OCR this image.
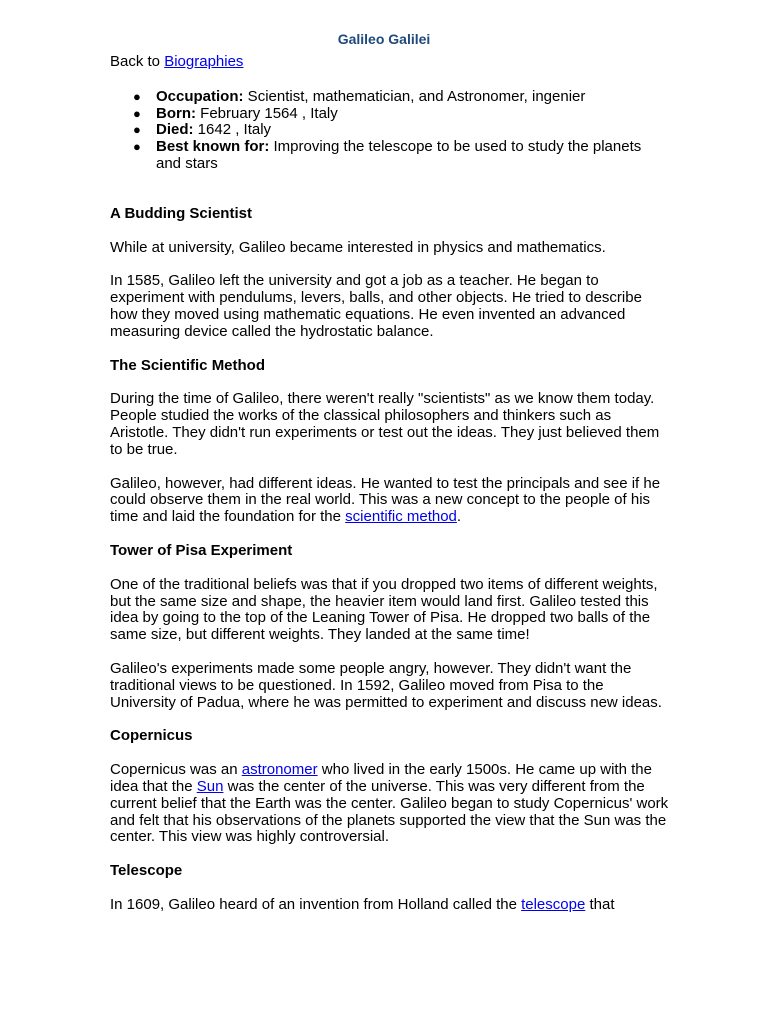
Galileo Galilei

Back to Biographies

● Occupation: Scientist, mathematician, and Astronomer, ingenier
● Born: February 1564 , Italy
● Died: 1642 , Italy
● Best known for: Improving the telescope to be used to study the planets and stars
A Budding Scientist

While at university, Galileo became interested in physics and mathematics.

In 1585, Galileo left the university and got a job as a teacher. He began to experiment with pendulums, levers, balls, and other objects. He tried to describe how they moved using mathematic equations. He even invented an advanced measuring device called the hydrostatic balance.

The Scientific Method

During the time of Galileo, there weren't really "scientists" as we know them today. People studied the works of the classical philosophers and thinkers such as Aristotle. They didn't run experiments or test out the ideas. They just believed them to be true.

Galileo, however, had different ideas. He wanted to test the principals and see if he could observe them in the real world. This was a new concept to the people of his time and laid the foundation for the scientific method.

Tower of Pisa Experiment

One of the traditional beliefs was that if you dropped two items of different weights, but the same size and shape, the heavier item would land first. Galileo tested this idea by going to the top of the Leaning Tower of Pisa. He dropped two balls of the same size, but different weights. They landed at the same time!

Galileo's experiments made some people angry, however. They didn't want the traditional views to be questioned. In 1592, Galileo moved from Pisa to the University of Padua, where he was permitted to experiment and discuss new ideas.

Copernicus

Copernicus was an astronomer who lived in the early 1500s. He came up with the idea that the Sun was the center of the universe. This was very different from the current belief that the Earth was the center. Galileo began to study Copernicus' work and felt that his observations of the planets supported the view that the Sun was the center. This view was highly controversial.

Telescope

In 1609, Galileo heard of an invention from Holland called the telescope that
